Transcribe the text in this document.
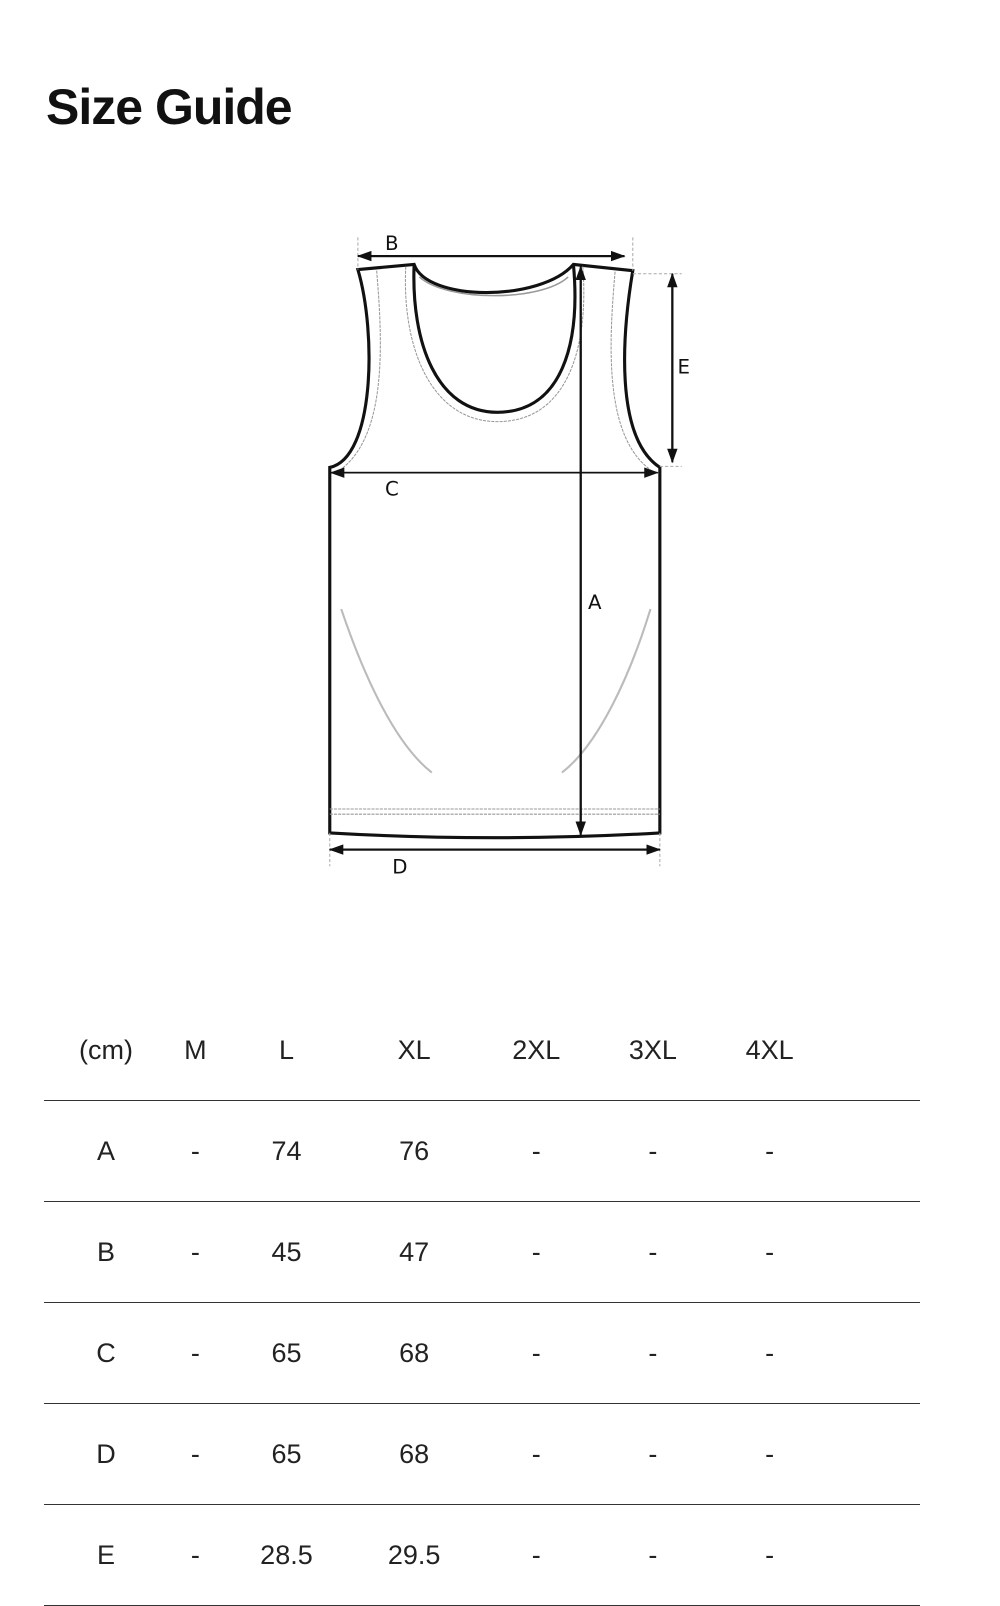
Size Guide
B
E
C
A
D
(cm)	M	L	XL	2XL	3XL	4XL	
A	-	74	76	-	-	-	
B	-	45	47	-	-	-	
C	-	65	68	-	-	-	
D	-	65	68	-	-	-	
E	-	28.5	29.5	-	-	-	
